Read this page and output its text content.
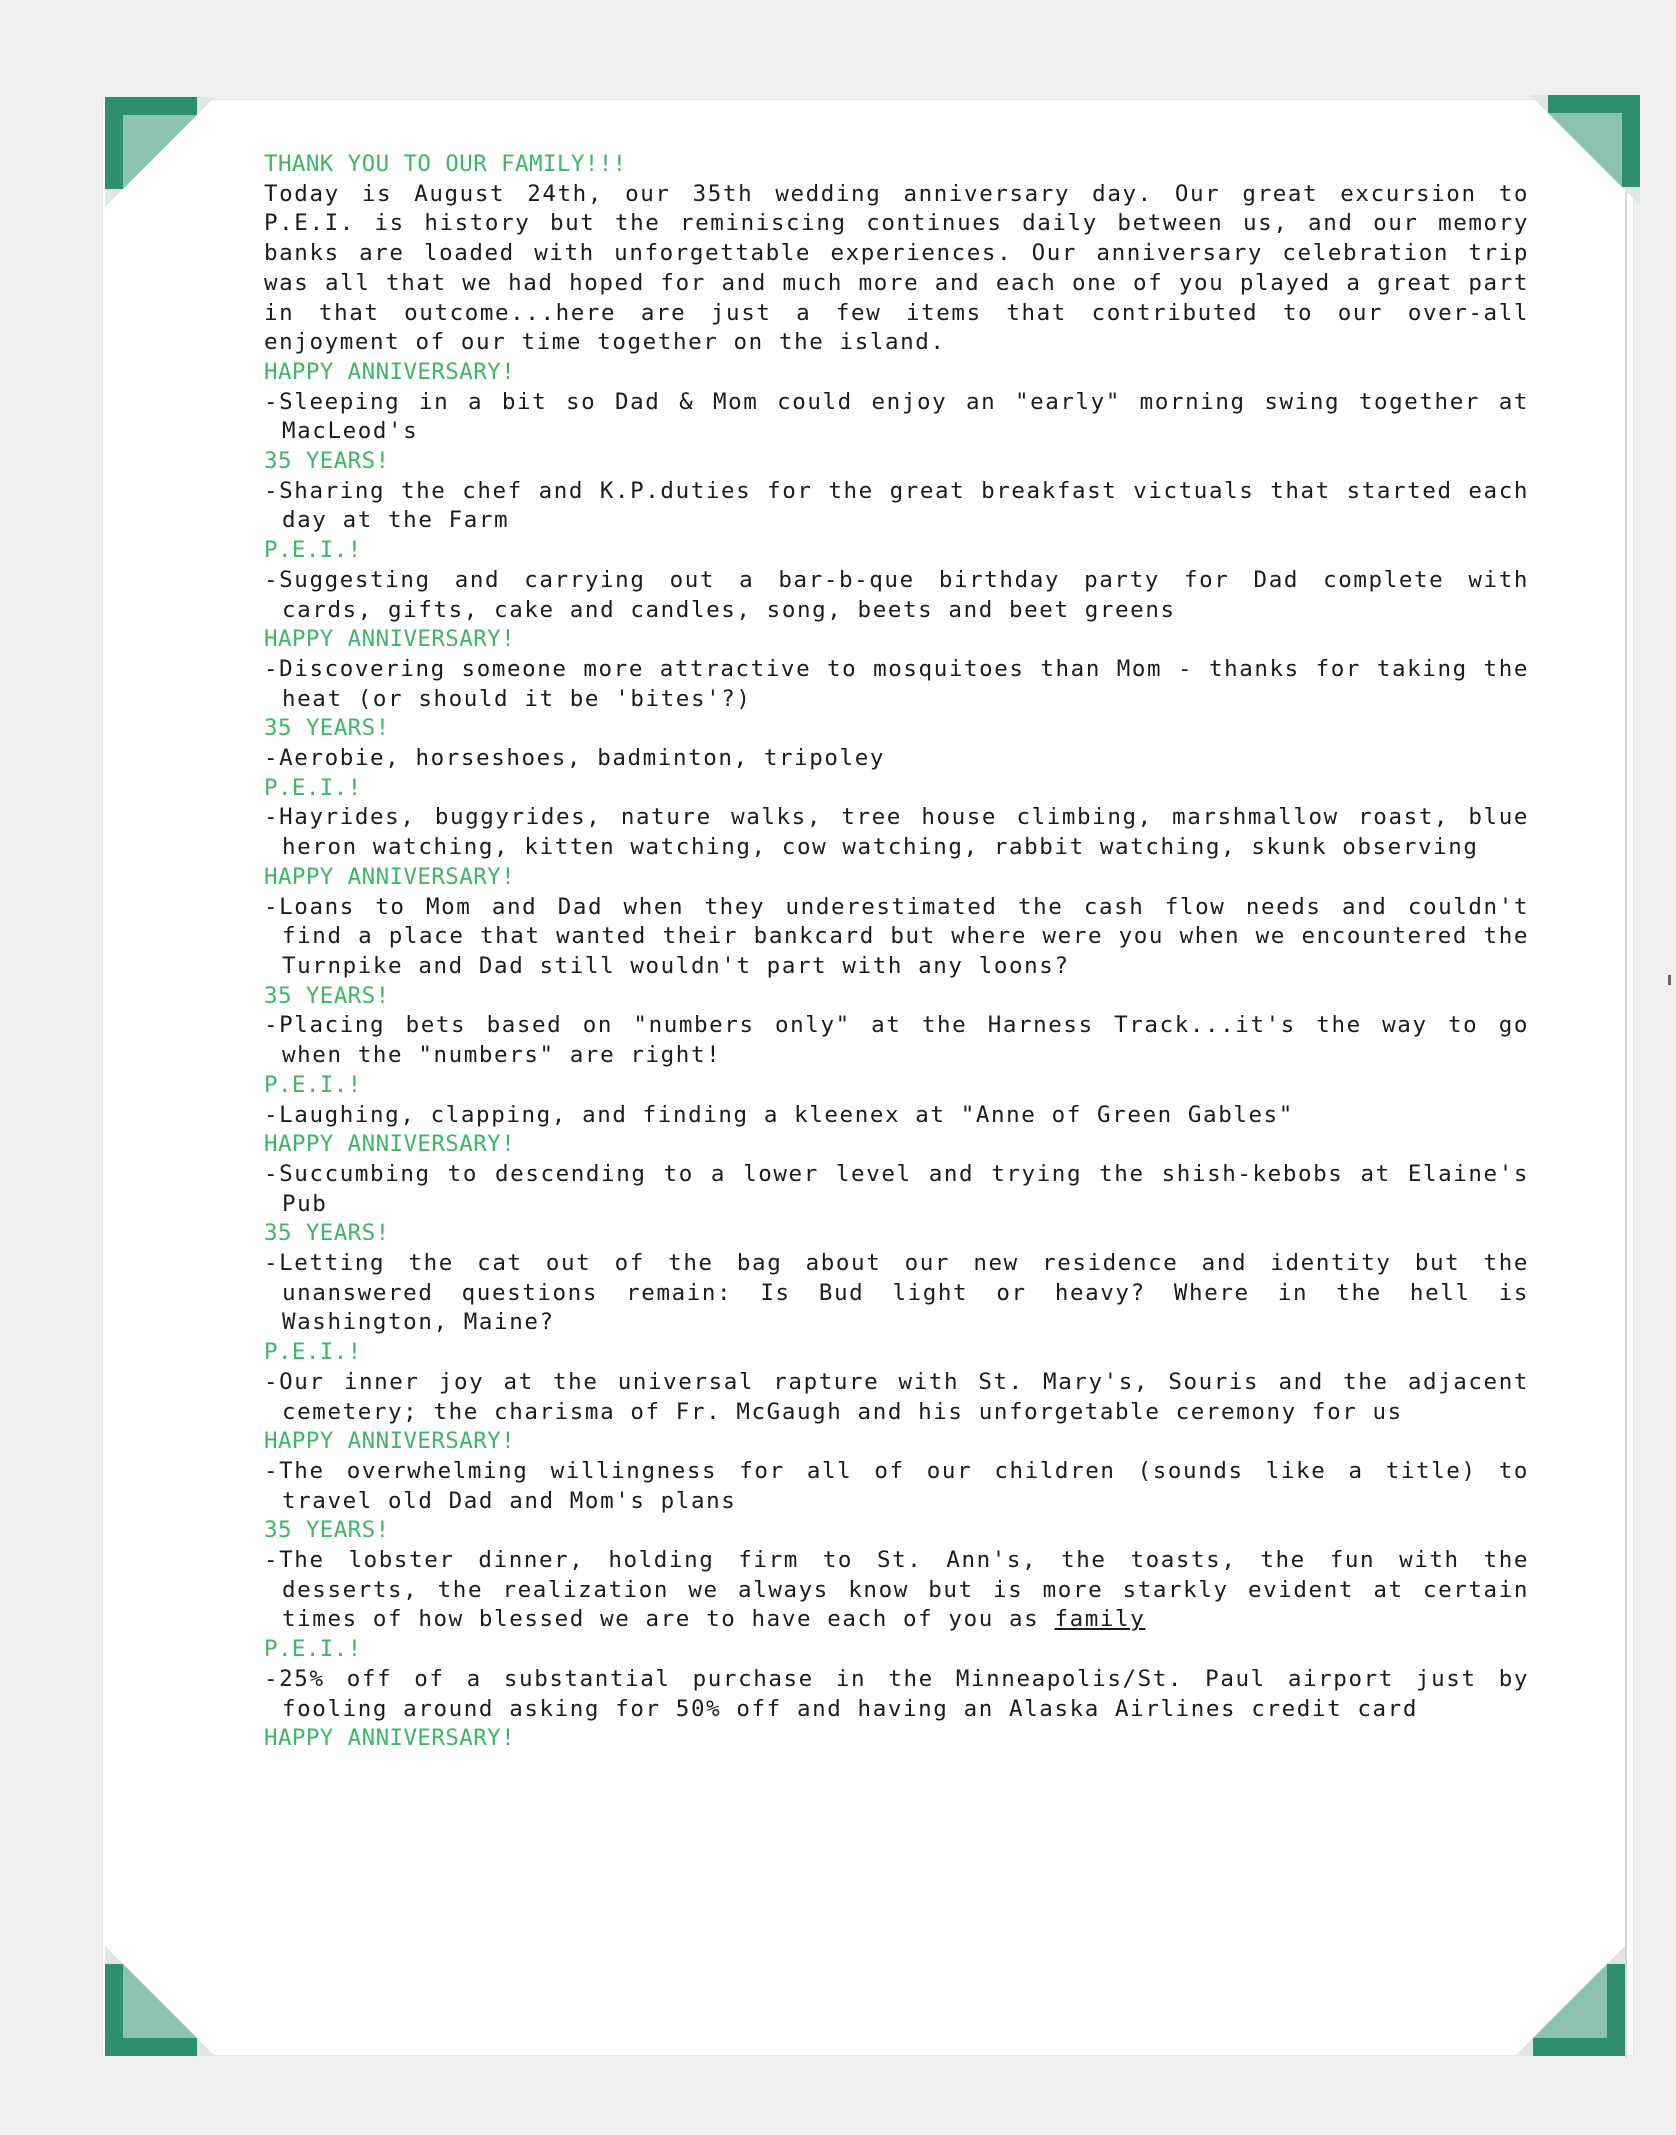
THANK YOU TO OUR FAMILY!!!
Today is August 24th, our 35th wedding anniversary day. Our great excursion to P.E.I. is history but the reminiscing continues daily between us, and our memory banks are loaded with unforgettable experiences. Our anniversary celebration trip was all that we had hoped for and much more and each one of you played a great part in that outcome...here are just a few items that contributed to our over-all enjoyment of our time together on the island.
HAPPY ANNIVERSARY!
-Sleeping in a bit so Dad & Mom could enjoy an "early" morning swing together at MacLeod's
35 YEARS!
-Sharing the chef and K.P.duties for the great breakfast victuals that started each day at the Farm
P.E.I.!
-Suggesting and carrying out a bar-b-que birthday party for Dad complete with cards, gifts, cake and candles, song, beets and beet greens
HAPPY ANNIVERSARY!
-Discovering someone more attractive to mosquitoes than Mom - thanks for taking the heat (or should it be 'bites'?)
35 YEARS!
-Aerobie, horseshoes, badminton, tripoley
P.E.I.!
-Hayrides, buggyrides, nature walks, tree house climbing, marshmallow roast, blue heron watching, kitten watching, cow watching, rabbit watching, skunk observing
HAPPY ANNIVERSARY!
-Loans to Mom and Dad when they underestimated the cash flow needs and couldn't find a place that wanted their bankcard but where were you when we encountered the Turnpike and Dad still wouldn't part with any loons?
35 YEARS!
-Placing bets based on "numbers only" at the Harness Track...it's the way to go when the "numbers" are right!
P.E.I.!
-Laughing, clapping, and finding a kleenex at "Anne of Green Gables"
HAPPY ANNIVERSARY!
-Succumbing to descending to a lower level and trying the shish-kebobs at Elaine's Pub
35 YEARS!
-Letting the cat out of the bag about our new residence and identity but the unanswered questions remain: Is Bud light or heavy? Where in the hell is Washington, Maine?
P.E.I.!
-Our inner joy at the universal rapture with St. Mary's, Souris and the adjacent cemetery; the charisma of Fr. McGaugh and his unforgetable ceremony for us
HAPPY ANNIVERSARY!
-The overwhelming willingness for all of our children (sounds like a title) to travel old Dad and Mom's plans
35 YEARS!
-The lobster dinner, holding firm to St. Ann's, the toasts, the fun with the desserts, the realization we always know but is more starkly evident at certain times of how blessed we are to have each of you as family
P.E.I.!
-25% off of a substantial purchase in the Minneapolis/St. Paul airport just by fooling around asking for 50% off and having an Alaska Airlines credit card
HAPPY ANNIVERSARY!
